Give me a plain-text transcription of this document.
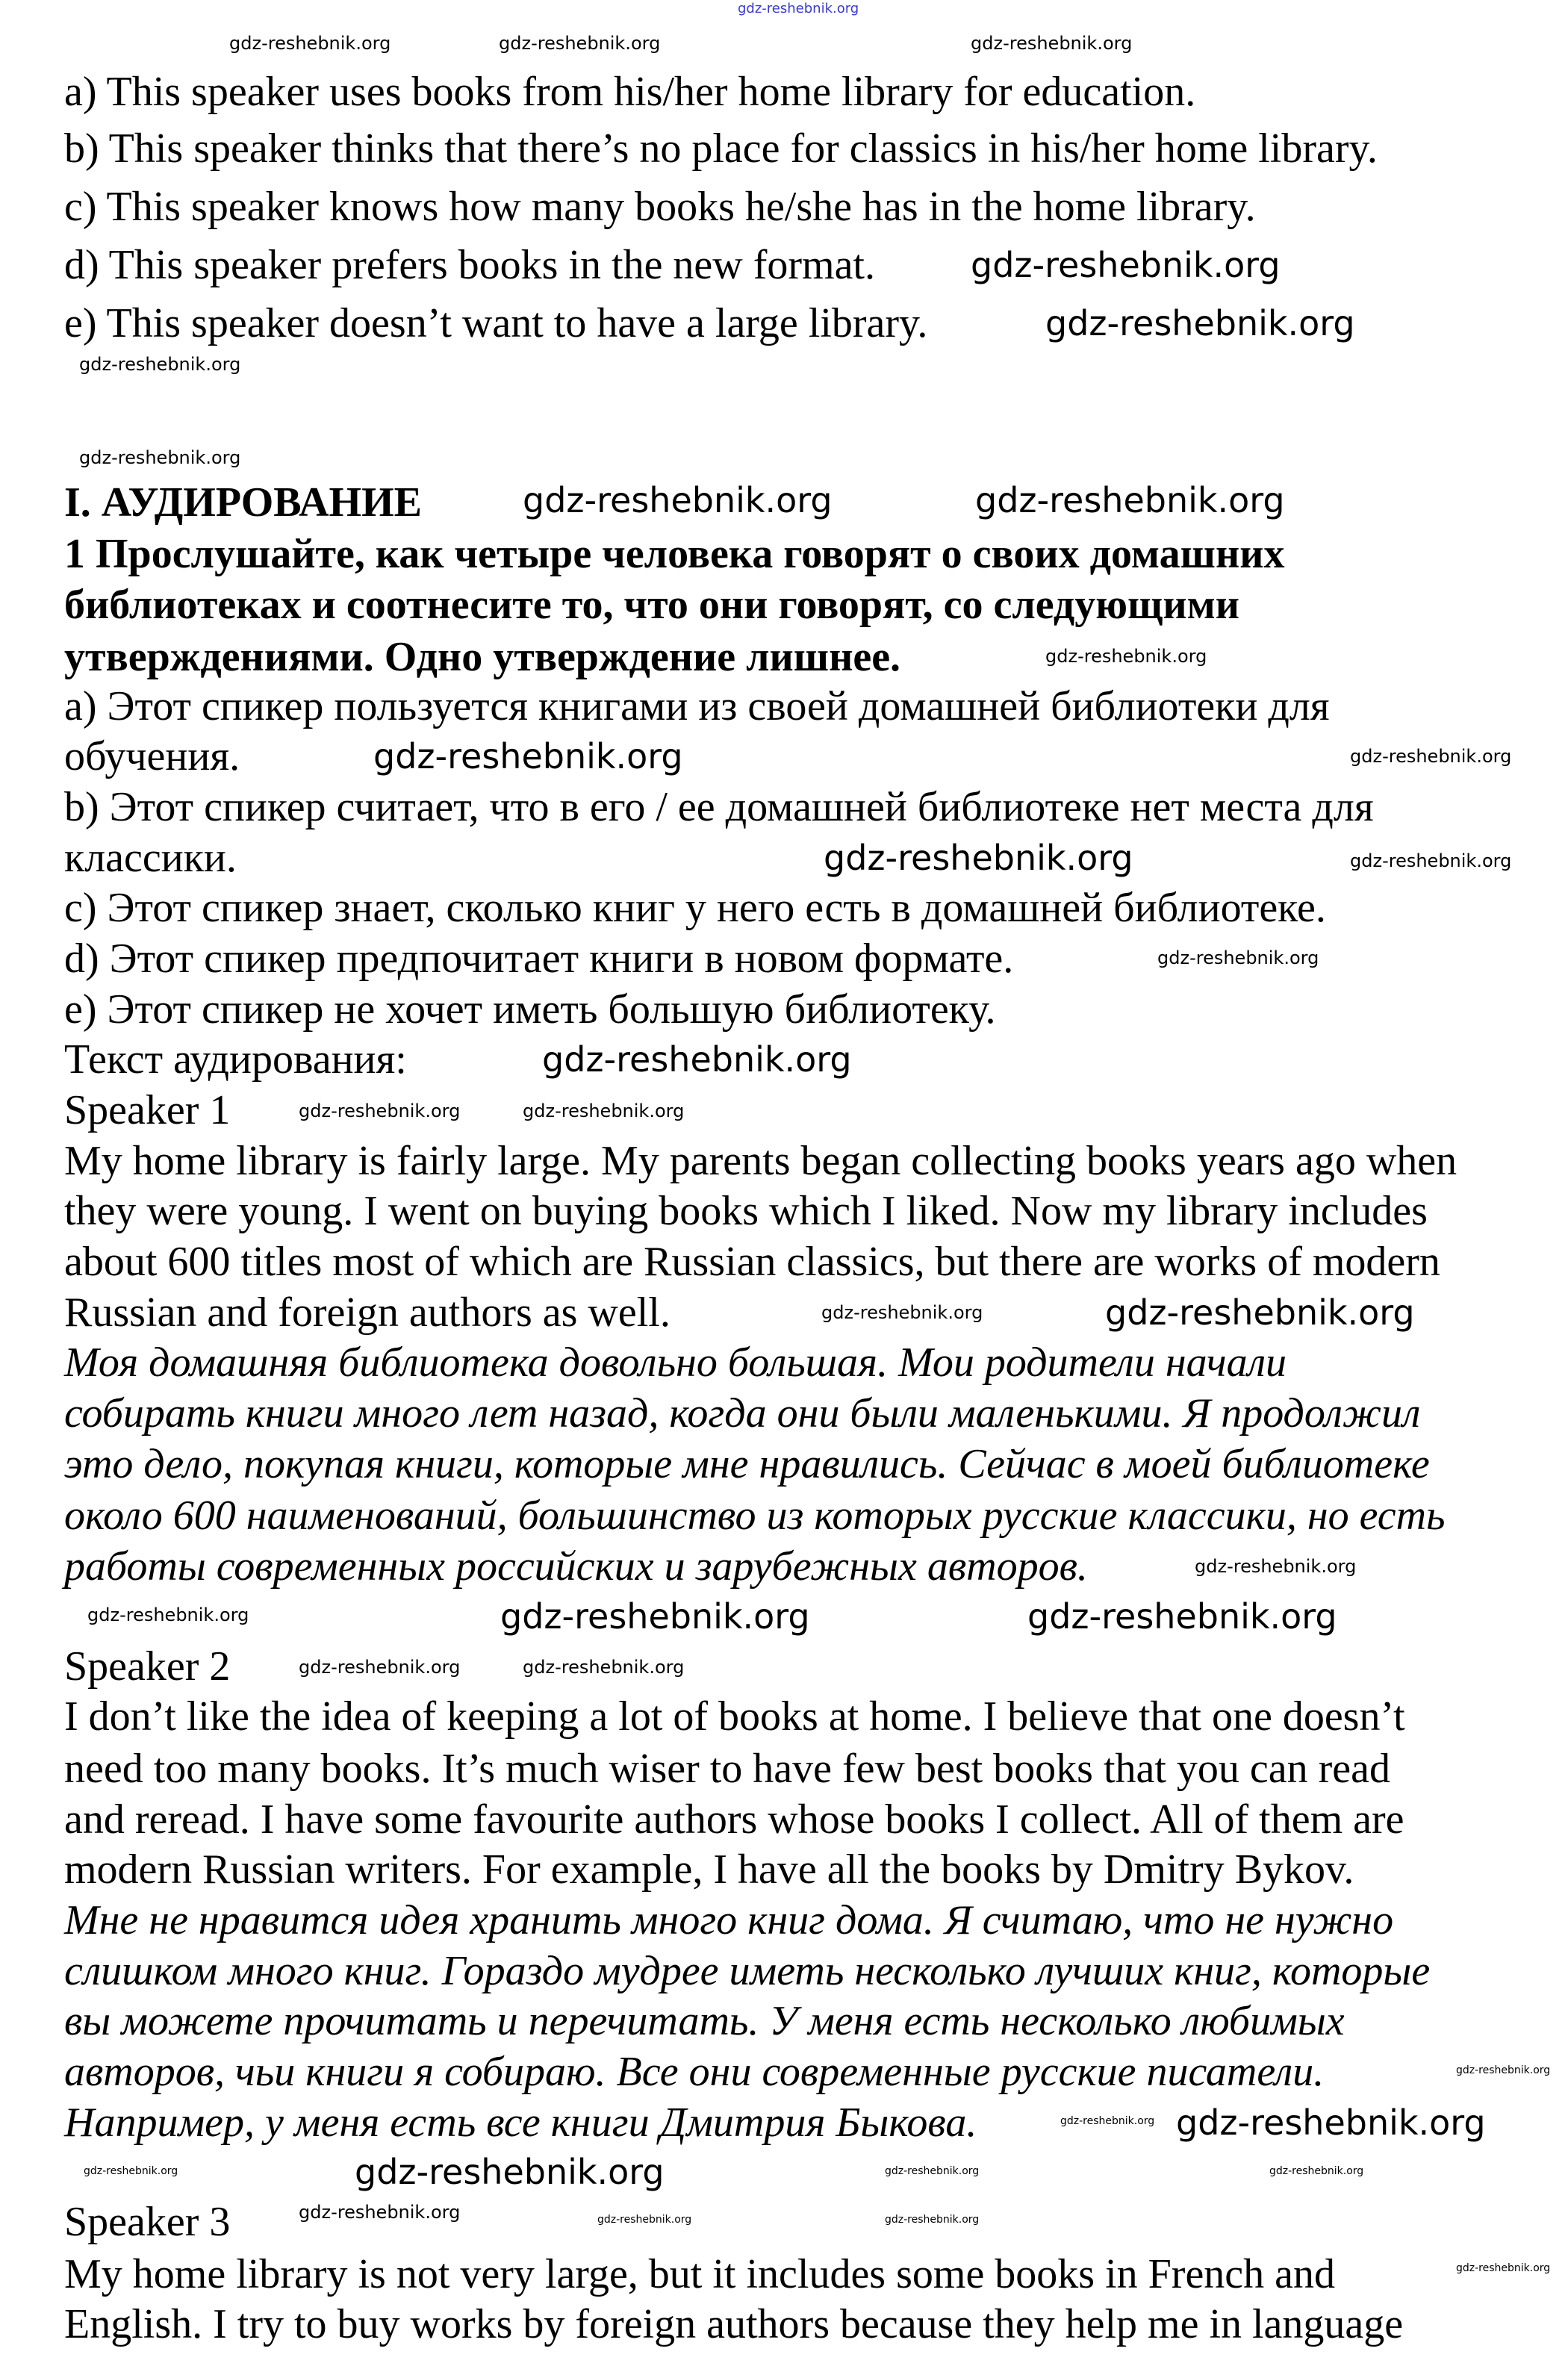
gdz-reshebnik.org
a) This speaker uses books from his/her home library for education.
b) This speaker thinks that there’s no place for classics in his/her home library.
c) This speaker knows how many books he/she has in the home library.
d) This speaker prefers books in the new format.
e) This speaker doesn’t want to have a large library.
I. АУДИРОВАНИЕ
1 Прослушайте, как четыре человека говорят о своих домашних
библиотеках и соотнесите то, что они говорят, со следующими
утверждениями. Одно утверждение лишнее.
a) Этот спикер пользуется книгами из своей домашней библиотеки для
обучения.
b) Этот спикер считает, что в его / ее домашней библиотеке нет места для
классики.
c) Этот спикер знает, сколько книг у него есть в домашней библиотеке.
d) Этот спикер предпочитает книги в новом формате.
e) Этот спикер не хочет иметь большую библиотеку.
Текст аудирования:
Speaker 1
My home library is fairly large. My parents began collecting books years ago when
they were young. I went on buying books which I liked. Now my library includes
about 600 titles most of which are Russian classics, but there are works of modern
Russian and foreign authors as well.
Моя домашняя библиотека довольно большая. Мои родители начали
собирать книги много лет назад, когда они были маленькими. Я продолжил
это дело, покупая книги, которые мне нравились. Сейчас в моей библиотеке
около 600 наименований, большинство из которых русские классики, но есть
работы современных российских и зарубежных авторов.
Speaker 2
I don’t like the idea of keeping a lot of books at home. I believe that one doesn’t
need too many books. It’s much wiser to have few best books that you can read
and reread. I have some favourite authors whose books I collect. All of them are
modern Russian writers. For example, I have all the books by Dmitry Bykov.
Мне не нравится идея хранить много книг дома. Я считаю, что не нужно
слишком много книг. Гораздо мудрее иметь несколько лучших книг, которые
вы можете прочитать и перечитать. У меня есть несколько любимых
авторов, чьи книги я собираю. Все они современные русские писатели.
Например, у меня есть все книги Дмитрия Быкова.
Speaker 3
My home library is not very large, but it includes some books in French and
English. I try to buy works by foreign authors because they help me in language
gdz-reshebnik.org
gdz-reshebnik.org
gdz-reshebnik.org	gdz-reshebnik.org
gdz-reshebnik.org
gdz-reshebnik.org
gdz-reshebnik.org
gdz-reshebnik.org
gdz-reshebnik.org	gdz-reshebnik.org
gdz-reshebnik.org
gdz-reshebnik.org
gdz-reshebnik.org	gdz-reshebnik.org	gdz-reshebnik.org
gdz-reshebnik.org
gdz-reshebnik.org
gdz-reshebnik.org
gdz-reshebnik.org
gdz-reshebnik.org
gdz-reshebnik.org
gdz-reshebnik.org	gdz-reshebnik.org
gdz-reshebnik.org
gdz-reshebnik.org
gdz-reshebnik.org
gdz-reshebnik.org	gdz-reshebnik.org
gdz-reshebnik.org
gdz-reshebnik.org
gdz-reshebnik.org
gdz-reshebnik.org	gdz-reshebnik.org	gdz-reshebnik.org
gdz-reshebnik.org
gdz-reshebnik.org
gdz-reshebnik.org
